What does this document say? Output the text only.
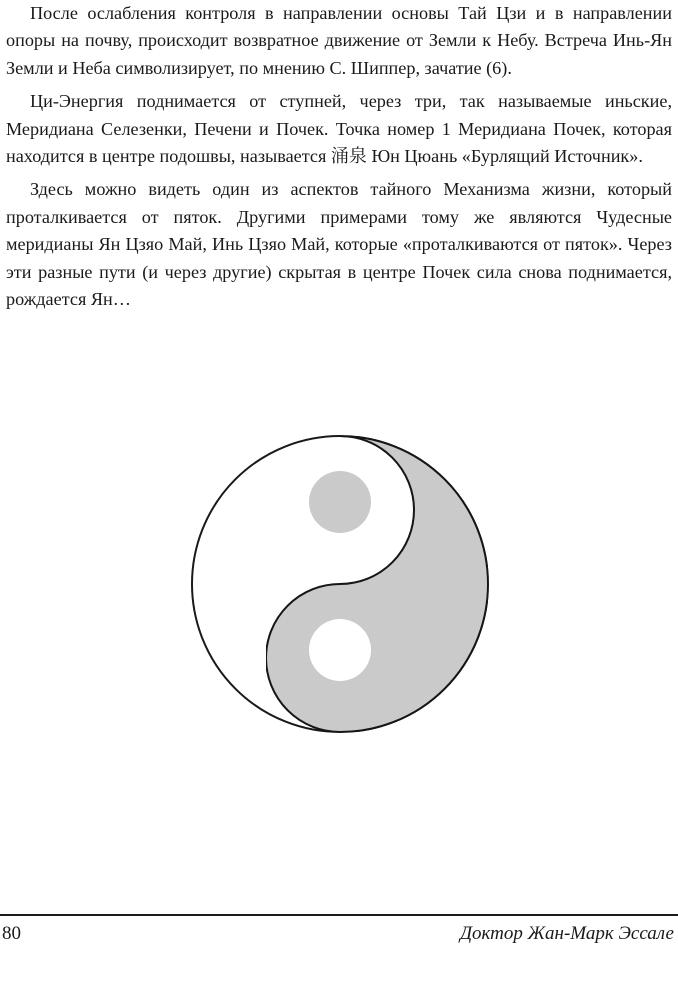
После ослабления контроля в направлении основы Тай Цзи и в направлении опоры на почву, происходит возвратное движение от Земли к Небу. Встреча Инь-Ян Земли и Неба символизирует, по мнению С. Шиппер, зачатие (6).

Ци-Энергия поднимается от ступней, через три, так называемые иньские, Меридиана Селезенки, Печени и Почек. Точка номер 1 Меридиана Почек, которая находится в центре подошвы, называется 涌泉 Юн Цюань «Бурлящий Источник».

Здесь можно видеть один из аспектов тайного Механизма жизни, который проталкивается от пяток. Другими примерами тому же являются Чудесные меридианы Ян Цзяо Май, Инь Цзяо Май, которые «проталкиваются от пяток». Через эти разные пути (и через другие) скрытая в центре Почек сила снова поднимается, рождается Ян…

80	Доктор Жан-Марк Эссале
